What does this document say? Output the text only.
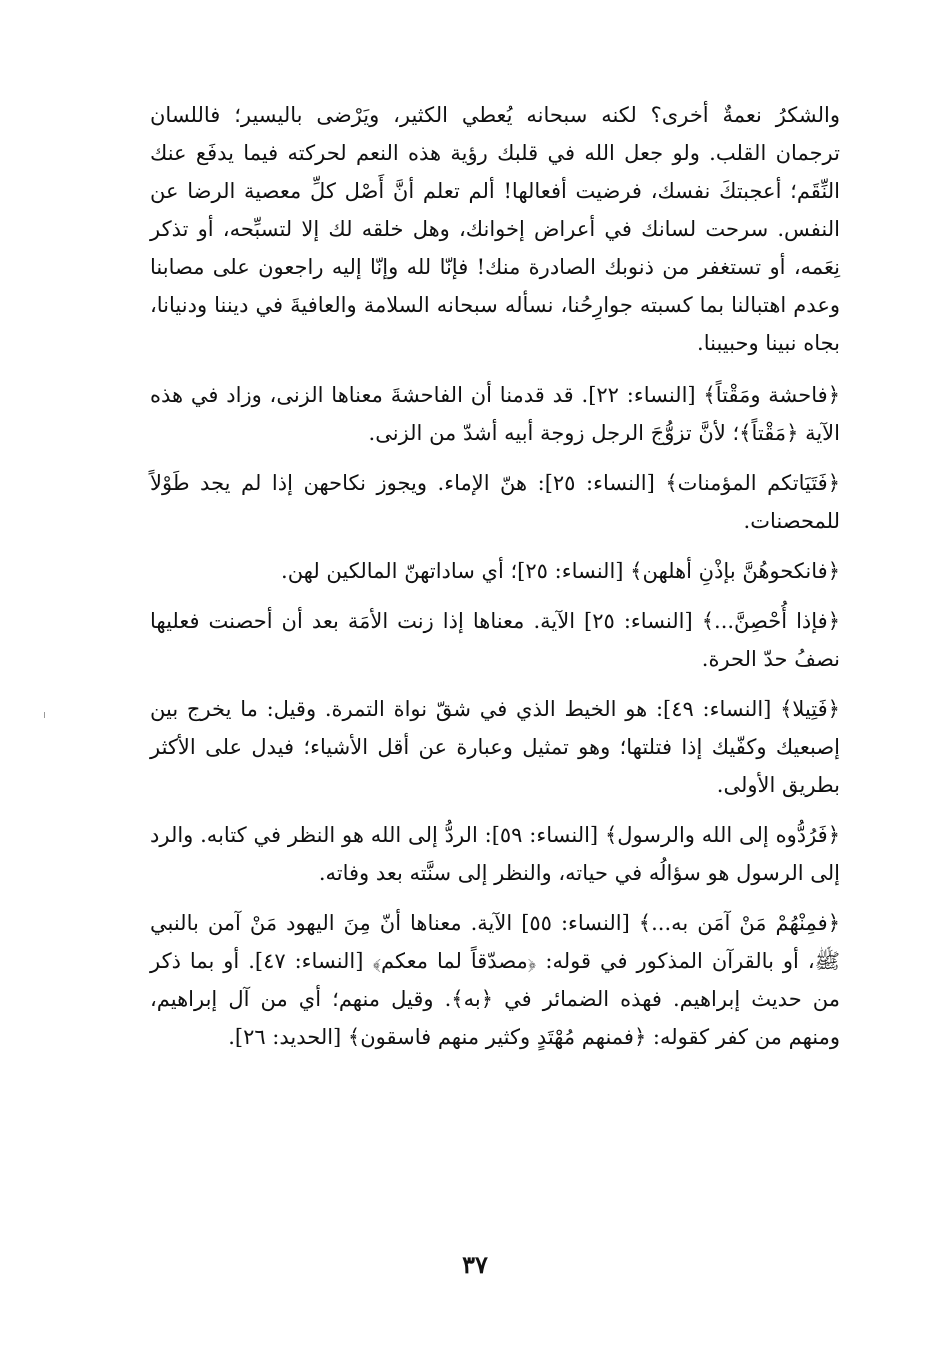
والشكرُ نعمةٌ أخرى؟ لكنه سبحانه يُعطي الكثير، ويَرْضى باليسير؛ فاللسان ترجمان القلب. ولو جعل الله في قلبك رؤية هذه النعم لحركته فيما يدفَع عنك النِّقَم؛ أعجبتكَ نفسك، فرضيت أفعالها! ألم تعلم أنَّ أَصْل كلِّ معصية الرضا عن النفس. سرحت لسانك في أعراض إخوانك، وهل خلقه لك إلا لتسبِّحه، أو تذكر نِعَمه، أو تستغفر من ذنوبك الصادرة منك! فإنّا لله وإنّا إليه راجعون على مصابنا وعدم اهتبالنا بما كسبته جوارِحُنا، نسأله سبحانه السلامة والعافيةَ في ديننا ودنيانا، بجاه نبينا وحبيبنا.

﴿فاحشة ومَقْتاً﴾ [النساء: ٢٢]. قد قدمنا أن الفاحشةَ معناها الزنى، وزاد في هذه الآية ﴿مَقْتاً﴾؛ لأنَّ تزوُّجَ الرجل زوجة أبيه أشدّ من الزنى.

﴿فَتَيَاتكم المؤمنات﴾ [النساء: ٢٥]: هنّ الإماء. ويجوز نكاحهن إذا لم يجد طَوْلاً للمحصنات.

﴿فانكحوهُنَّ بإذْنِ أهلهن﴾ [النساء: ٢٥]؛ أي ساداتهنّ المالكين لهن.

﴿فإذا أُحْصِنَّ...﴾ [النساء: ٢٥] الآية. معناها إذا زنت الأمَة بعد أن أحصنت فعليها نصفُ حدّ الحرة.

﴿فَتِيلا﴾ [النساء: ٤٩]: هو الخيط الذي في شقّ نواة التمرة. وقيل: ما يخرج بين إصبعيك وكفّيك إذا فتلتها؛ وهو تمثيل وعبارة عن أقل الأشياء؛ فيدل على الأكثر بطريق الأولى.

﴿فَرُدُّوه إلى الله والرسول﴾ [النساء: ٥٩]: الردُّ إلى الله هو النظر في كتابه. والرد إلى الرسول هو سؤالُه في حياته، والنظر إلى سنَّته بعد وفاته.

﴿فمِنْهُمْ مَنْ آمَن به...﴾ [النساء: ٥٥] الآية. معناها أنّ مِنَ اليهود مَنْ آمن بالنبي ﷺ، أو بالقرآن المذكور في قوله: ﴿مصدّقاً لما معكم﴾ [النساء: ٤٧]. أو بما ذكر من حديث إبراهيم. فهذه الضمائر في ﴿به﴾. وقيل منهم؛ أي من آل إبراهيم، ومنهم من كفر كقوله: ﴿فمنهم مُهْتَدٍ وكثير منهم فاسقون﴾ [الحديد: ٢٦].

٣٧
